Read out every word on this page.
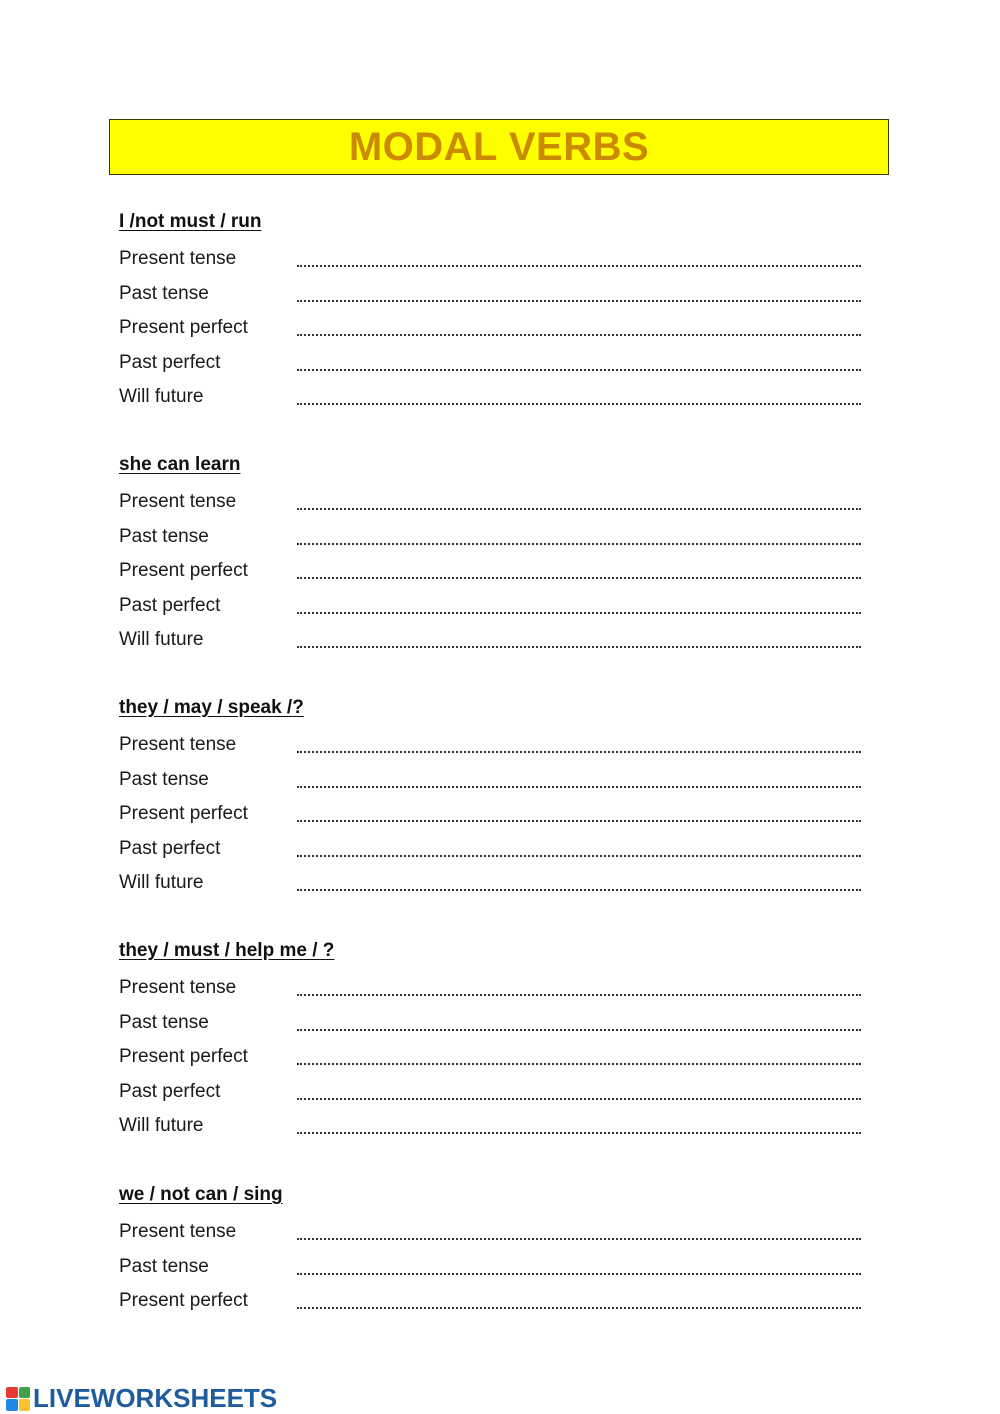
MODAL VERBS
I /not must / run
Present tense
Past tense
Present perfect
Past perfect
Will future
she can learn
Present tense
Past tense
Present perfect
Past perfect
Will future
they / may / speak /?
Present tense
Past tense
Present perfect
Past perfect
Will future
they / must / help me / ?
Present tense
Past tense
Present perfect
Past perfect
Will future
we / not can / sing
Present tense
Past tense
Present perfect
LIVEWORKSHEETS
